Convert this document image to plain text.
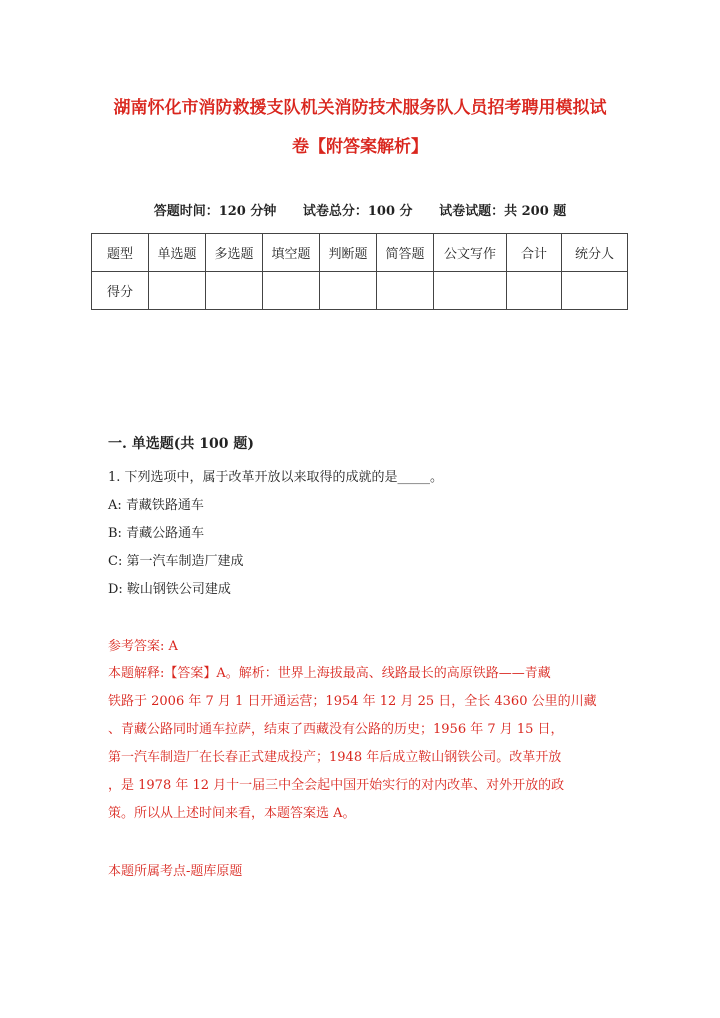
湖南怀化市消防救援支队机关消防技术服务队人员招考聘用模拟试
卷【附答案解析】
答题时间：120 分钟 试卷总分：100 分 试卷试题：共 200 题
题型	单选题	多选题	填空题	判断题	简答题	公文写作	合计	统分人
得分								
一. 单选题(共 100 题)
1. 下列选项中，属于改革开放以来取得的成就的是_____。
A: 青藏铁路通车
B: 青藏公路通车
C: 第一汽车制造厂建成
D: 鞍山钢铁公司建成
参考答案: A
本题解释:【答案】A。解析：世界上海拔最高、线路最长的高原铁路——青藏
铁路于 2006 年 7 月 1 日开通运营；1954 年 12 月 25 日，全长 4360 公里的川藏
、青藏公路同时通车拉萨，结束了西藏没有公路的历史；1956 年 7 月 15 日，
第一汽车制造厂在长春正式建成投产；1948 年后成立鞍山钢铁公司。改革开放
，是 1978 年 12 月十一届三中全会起中国开始实行的对内改革、对外开放的政
策。所以从上述时间来看，本题答案选 A。
本题所属考点-题库原题
